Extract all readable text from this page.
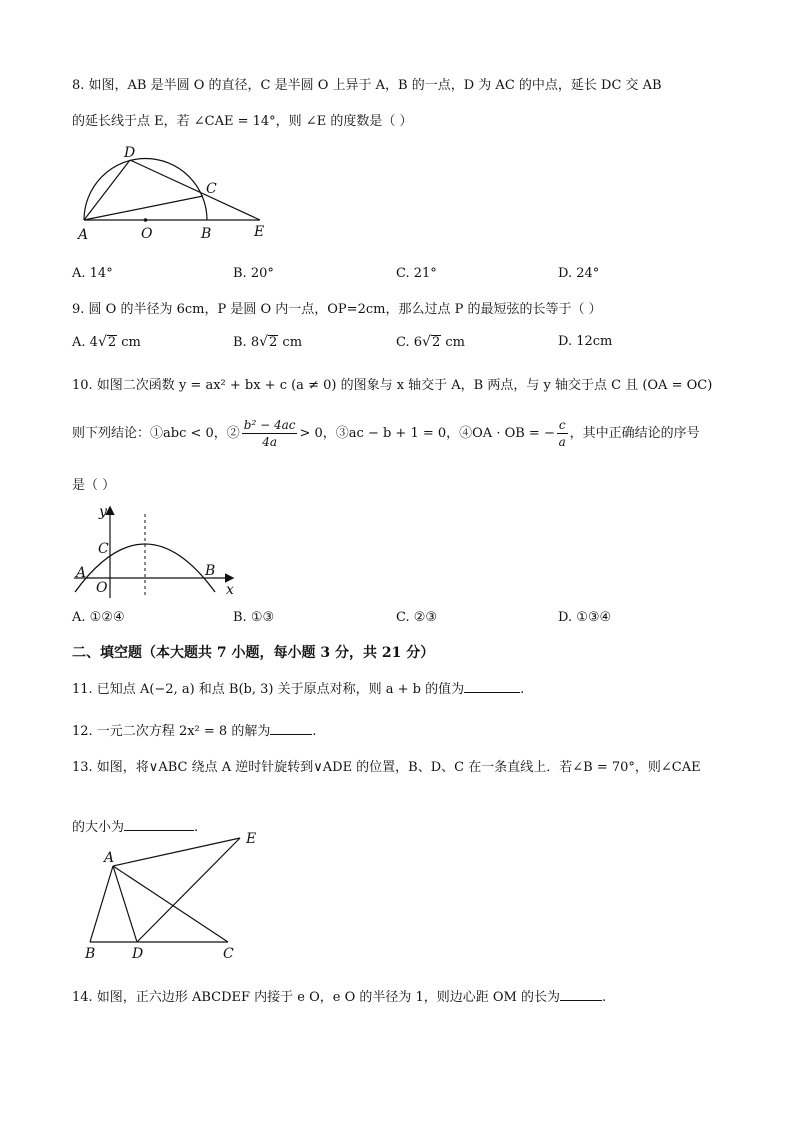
8. 如图，AB 是半圆 O 的直径，C 是半圆 O 上异于 A，B 的一点，D 为 AC 的中点，延长 DC 交 AB
的延长线于点 E，若 ∠CAE = 14°，则 ∠E 的度数是（ ）
A	O	B	E
C
D
A. 14°	B. 20°	C. 21°	D. 24°
9. 圆 O 的半径为 6cm，P 是圆 O 内一点，OP=2cm，那么过点 P 的最短弦的长等于（ ）
A. 4√2 cm	B. 8√2 cm	C. 6√2 cm	D. 12cm
10. 如图二次函数 y = ax² + bx + c (a ≠ 0) 的图象与 x 轴交于 A，B 两点，与 y 轴交于点 C 且 (OA = OC)
则下列结论：①abc < 0，② $\frac{\text{b² − 4ac}}{4a} > 0$，③ac − b + 1 = 0，④OA · OB = − $\frac{c}{a}$ ，其中正确结论的序号
是（ ）
y
x
C
A
O
B
A. ①②④	B. ①③	C. ②③	D. ①③④
二、填空题（本大题共 7 小题，每小题 3 分，共 21 分）
11. 已知点 A(−2, a) 和点 B(b, 3) 关于原点对称，则 a + b 的值为	.
12. 一元二次方程 2x² = 8 的解为	.
13. 如图，将∨ABC 绕点 A 逆时针旋转到∨ADE 的位置，B、D、C 在一条直线上．若∠B = 70°，则∠CAE
的大小为	.
A
E
B	D	C
14. 如图，正六边形 ABCDEF 内接于 e O，e O 的半径为 1，则边心距 OM 的长为	.
